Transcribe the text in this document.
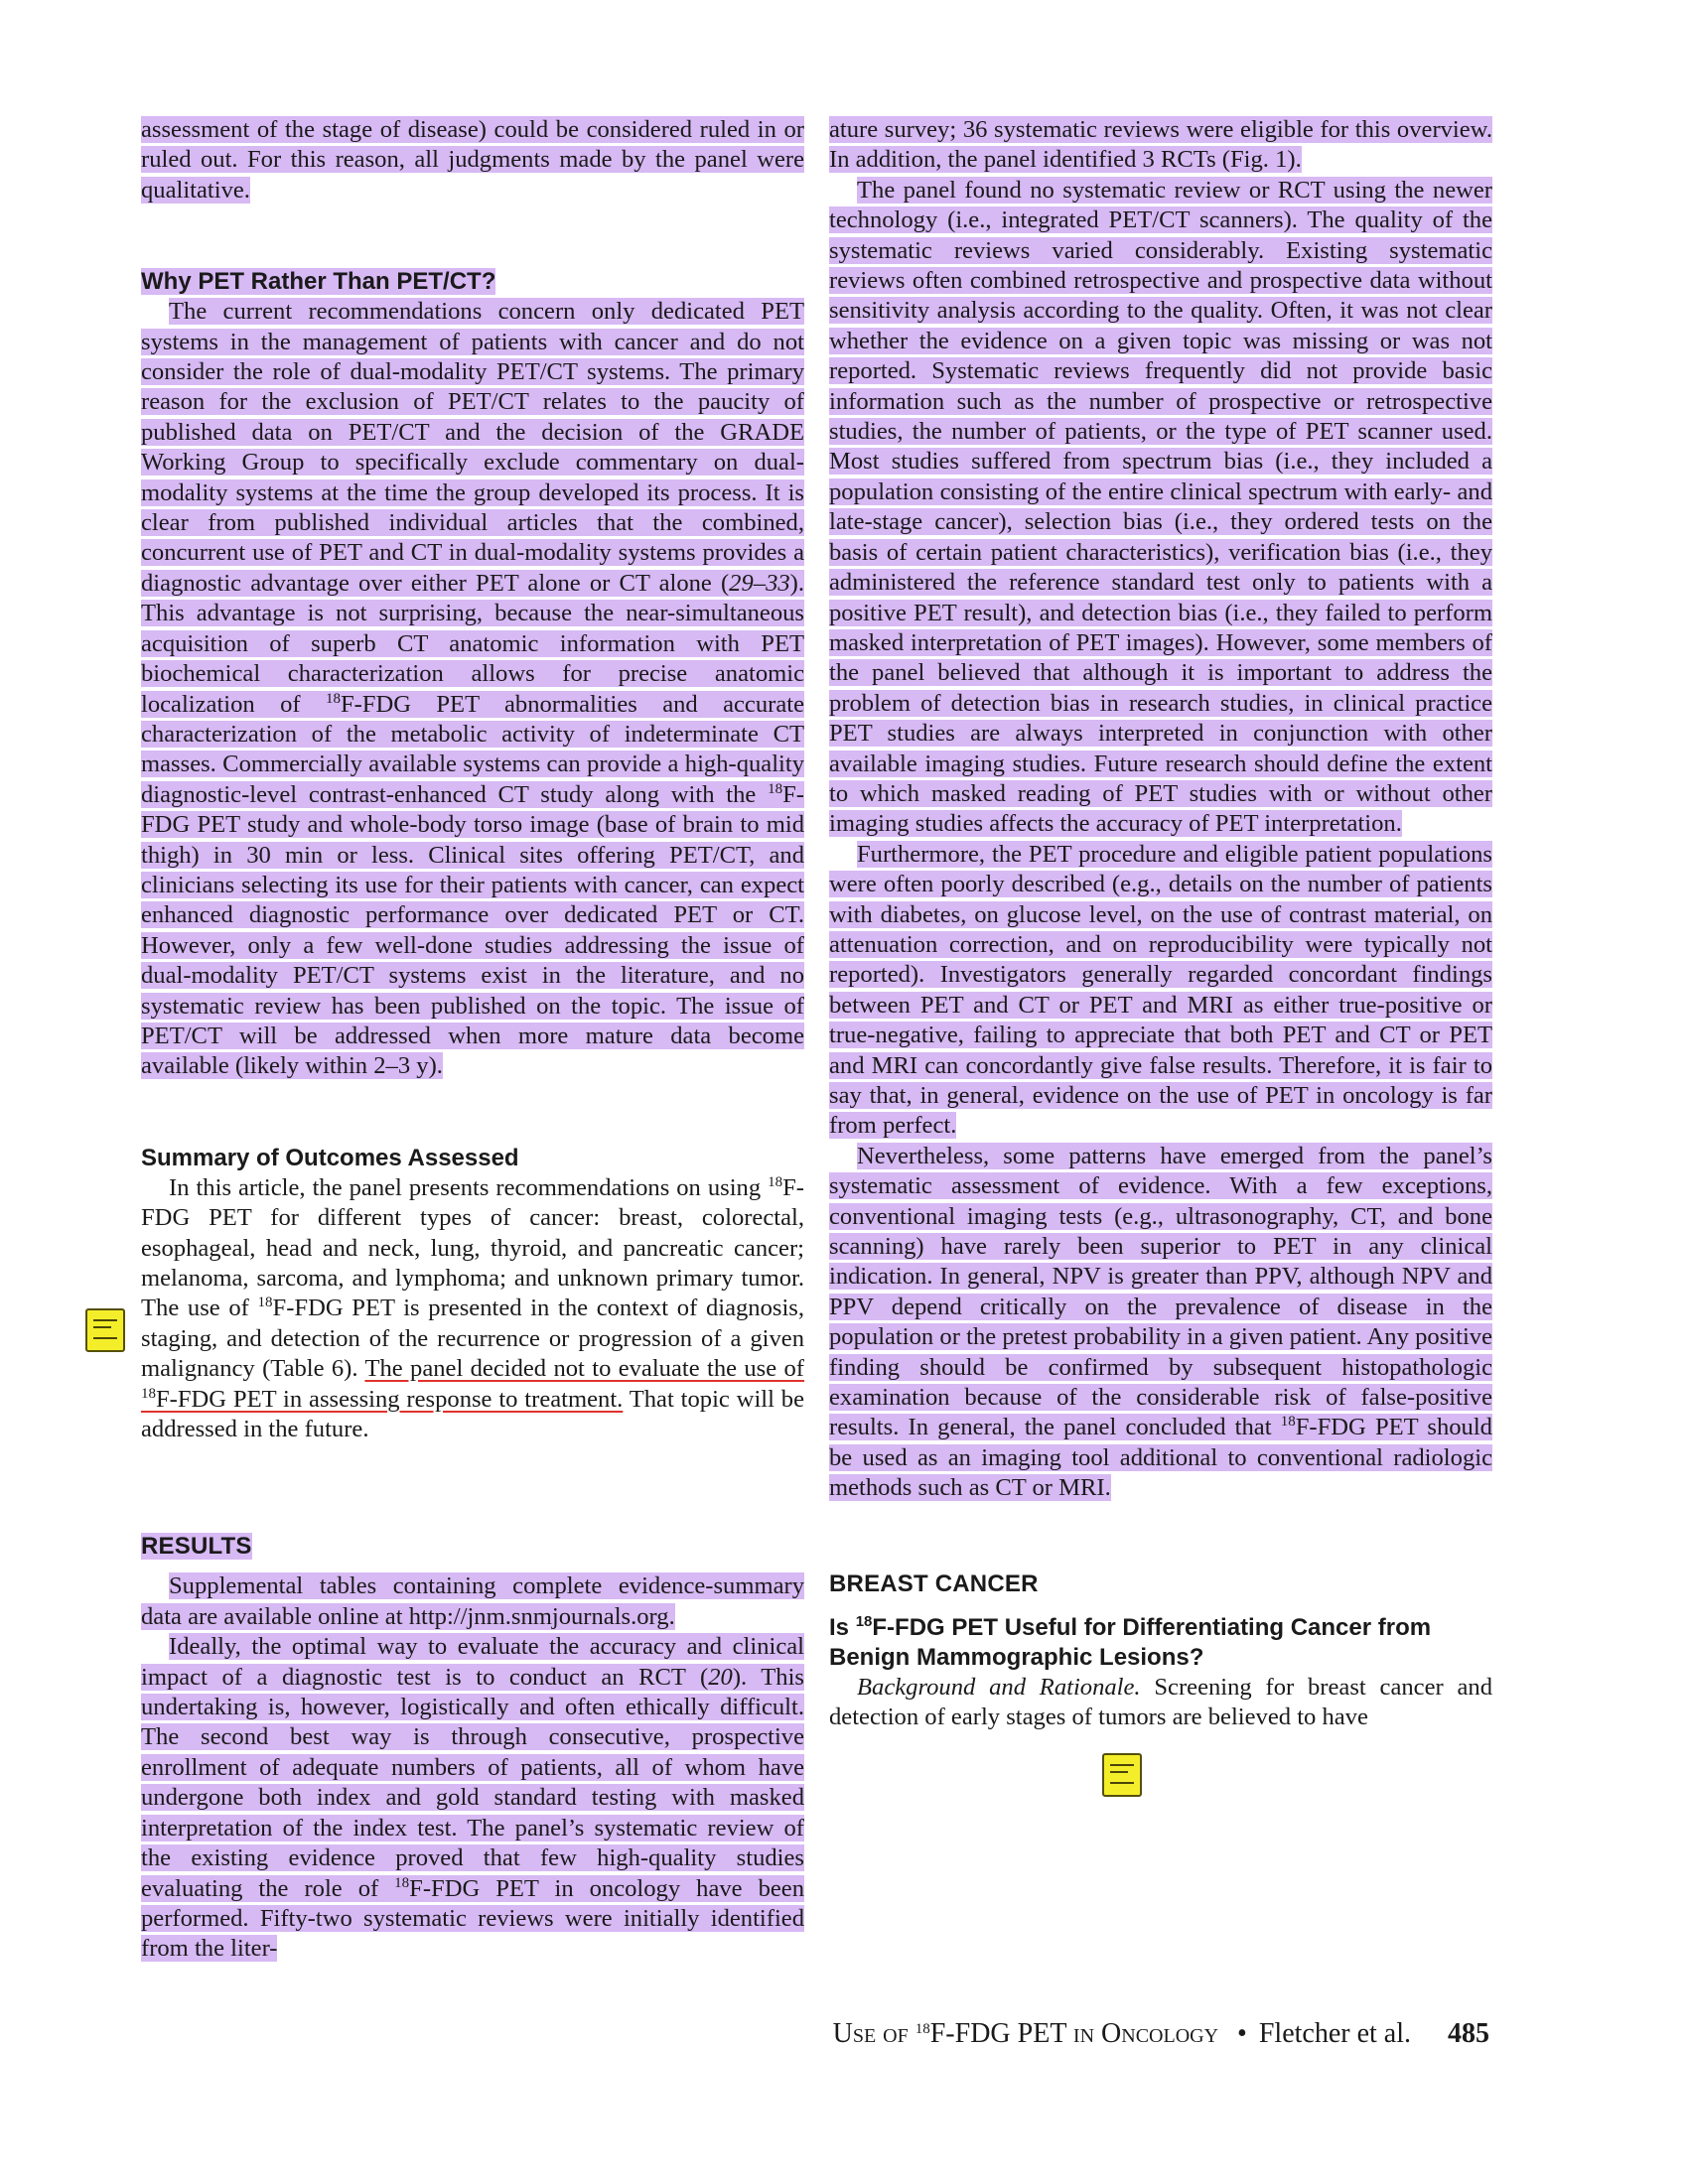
assessment of the stage of disease) could be considered ruled in or ruled out. For this reason, all judgments made by the panel were qualitative.

Why PET Rather Than PET/CT?

The current recommendations concern only dedicated PET systems in the management of patients with cancer and do not consider the role of dual-modality PET/CT systems. The primary reason for the exclusion of PET/CT relates to the paucity of published data on PET/CT and the decision of the GRADE Working Group to specifically exclude commentary on dual-modality systems at the time the group developed its process. It is clear from published individual articles that the combined, concurrent use of PET and CT in dual-modality systems provides a diagnostic advantage over either PET alone or CT alone (29–33). This advantage is not surprising, because the near-simultaneous acquisition of superb CT anatomic information with PET biochemical characterization allows for precise anatomic localization of $^{18}$F-FDG PET abnormalities and accurate characterization of the metabolic activity of indeterminate CT masses. Commercially available systems can provide a high-quality diagnostic-level contrast-enhanced CT study along with the $^{18}$F-FDG PET study and whole-body torso image (base of brain to mid thigh) in 30 min or less. Clinical sites offering PET/CT, and clinicians selecting its use for their patients with cancer, can expect enhanced diagnostic performance over dedicated PET or CT. However, only a few well-done studies addressing the issue of dual-modality PET/CT systems exist in the literature, and no systematic review has been published on the topic. The issue of PET/CT will be addressed when more mature data become available (likely within 2–3 y).

Summary of Outcomes Assessed

In this article, the panel presents recommendations on using $^{18}$F-FDG PET for different types of cancer: breast, colorectal, esophageal, head and neck, lung, thyroid, and pancreatic cancer; melanoma, sarcoma, and lymphoma; and unknown primary tumor. The use of $^{18}$F-FDG PET is presented in the context of diagnosis, staging, and detection of the recurrence or progression of a given malignancy (Table 6). The panel decided not to evaluate the use of $^{18}$F-FDG PET in assessing response to treatment. That topic will be addressed in the future.

RESULTS

Supplemental tables containing complete evidence-summary data are available online at http://jnm.snmjournals.org.

Ideally, the optimal way to evaluate the accuracy and clinical impact of a diagnostic test is to conduct an RCT (20). This undertaking is, however, logistically and often ethically difficult. The second best way is through consecutive, prospective enrollment of adequate numbers of patients, all of whom have undergone both index and gold standard testing with masked interpretation of the index test. The panel’s systematic review of the existing evidence proved that few high-quality studies evaluating the role of $^{18}$F-FDG PET in oncology have been performed. Fifty-two systematic reviews were initially identified from the liter-

ature survey; 36 systematic reviews were eligible for this overview. In addition, the panel identified 3 RCTs (Fig. 1).

The panel found no systematic review or RCT using the newer technology (i.e., integrated PET/CT scanners). The quality of the systematic reviews varied considerably. Existing systematic reviews often combined retrospective and prospective data without sensitivity analysis according to the quality. Often, it was not clear whether the evidence on a given topic was missing or was not reported. Systematic reviews frequently did not provide basic information such as the number of prospective or retrospective studies, the number of patients, or the type of PET scanner used. Most studies suffered from spectrum bias (i.e., they included a population consisting of the entire clinical spectrum with early- and late-stage cancer), selection bias (i.e., they ordered tests on the basis of certain patient characteristics), verification bias (i.e., they administered the reference standard test only to patients with a positive PET result), and detection bias (i.e., they failed to perform masked interpretation of PET images). However, some members of the panel believed that although it is important to address the problem of detection bias in research studies, in clinical practice PET studies are always interpreted in conjunction with other available imaging studies. Future research should define the extent to which masked reading of PET studies with or without other imaging studies affects the accuracy of PET interpretation.

Furthermore, the PET procedure and eligible patient populations were often poorly described (e.g., details on the number of patients with diabetes, on glucose level, on the use of contrast material, on attenuation correction, and on reproducibility were typically not reported). Investigators generally regarded concordant findings between PET and CT or PET and MRI as either true-positive or true-negative, failing to appreciate that both PET and CT or PET and MRI can concordantly give false results. Therefore, it is fair to say that, in general, evidence on the use of PET in oncology is far from perfect.

Nevertheless, some patterns have emerged from the panel’s systematic assessment of evidence. With a few exceptions, conventional imaging tests (e.g., ultrasonography, CT, and bone scanning) have rarely been superior to PET in any clinical indication. In general, NPV is greater than PPV, although NPV and PPV depend critically on the prevalence of disease in the population or the pretest probability in a given patient. Any positive finding should be confirmed by subsequent histopathologic examination because of the considerable risk of false-positive results. In general, the panel concluded that $^{18}$F-FDG PET should be used as an imaging tool additional to conventional radiologic methods such as CT or MRI.

BREAST CANCER
Is $^{18}$F-FDG PET Useful for Differentiating Cancer from Benign Mammographic Lesions?

Background and Rationale. Screening for breast cancer and detection of early stages of tumors are believed to have

Use of $^{18}$F-FDG PET in Oncology • Fletcher et al. 485
